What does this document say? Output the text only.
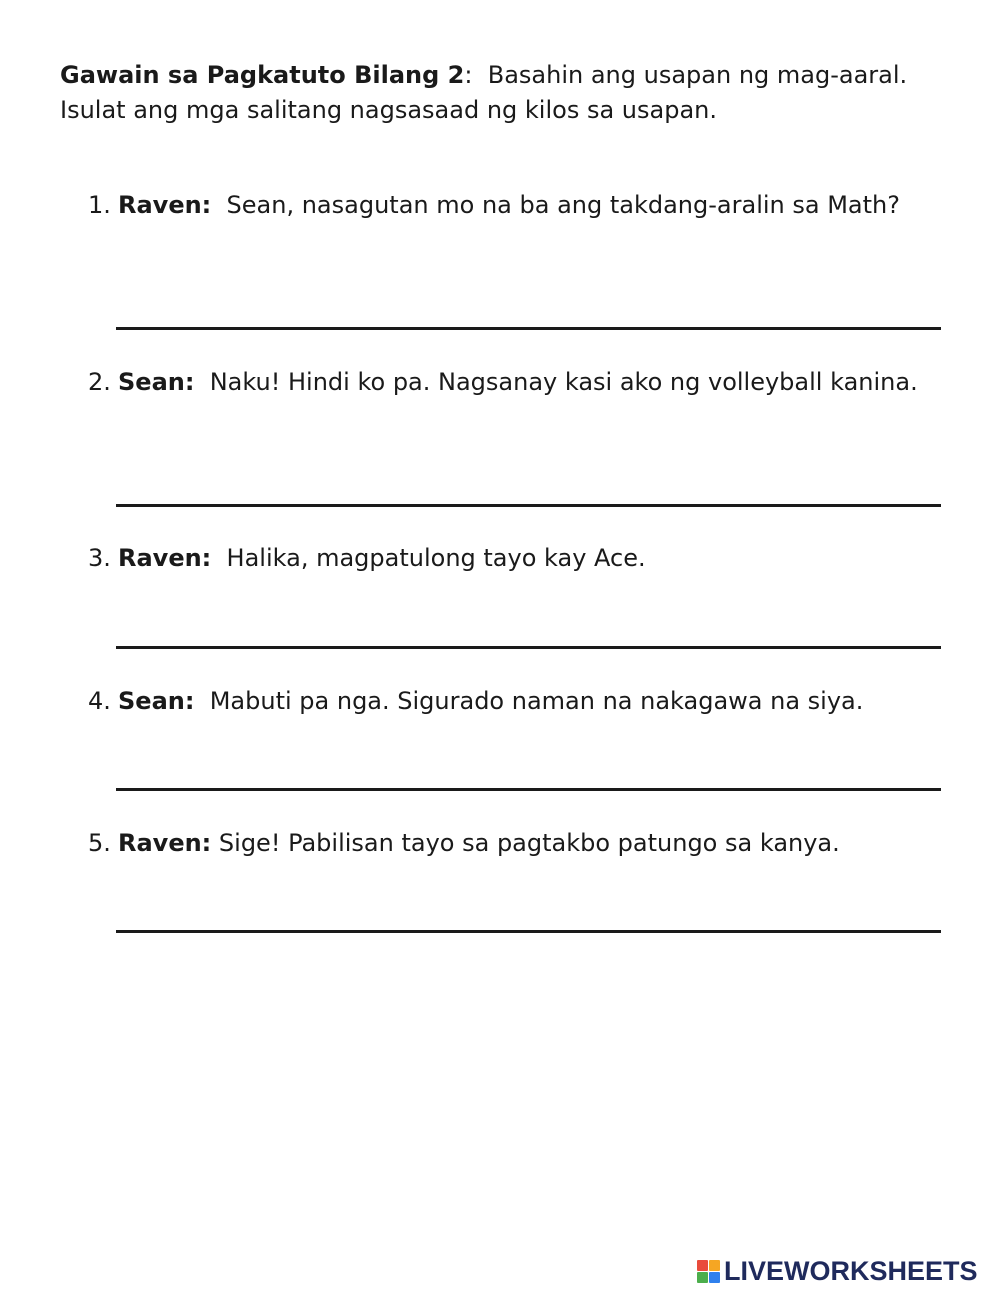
Gawain sa Pagkatuto Bilang 2: Basahin ang usapan ng mag-aaral. Isulat ang mga salitang nagsasaad ng kilos sa usapan.
1. Raven: Sean, nasagutan mo na ba ang takdang-aralin sa Math?
2. Sean: Naku! Hindi ko pa. Nagsanay kasi ako ng volleyball kanina.
3. Raven: Halika, magpatulong tayo kay Ace.
4. Sean: Mabuti pa nga. Sigurado naman na nakagawa na siya.
5. Raven: Sige! Pabilisan tayo sa pagtakbo patungo sa kanya.
LIVEWORKSHEETS
